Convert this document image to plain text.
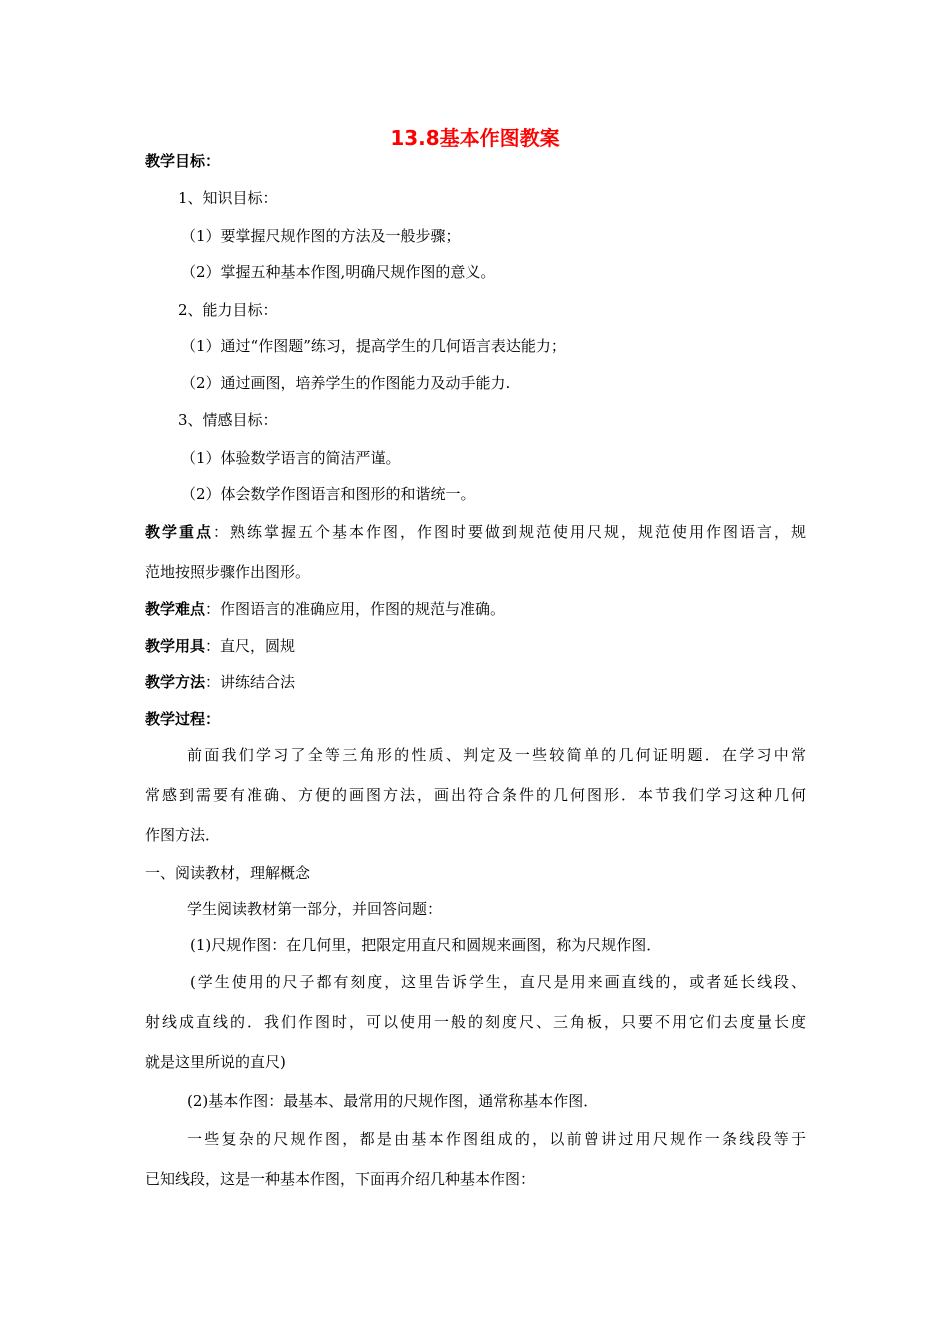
13.8基本作图教案
教学目标：
1、知识目标：
（1）要掌握尺规作图的方法及一般步骤；
（2）掌握五种基本作图,明确尺规作图的意义。
2、能力目标：
（1）通过“作图题”练习，提高学生的几何语言表达能力；
（2）通过画图，培养学生的作图能力及动手能力.
3、情感目标：
（1）体验数学语言的简洁严谨。
（2）体会数学作图语言和图形的和谐统一。
教学重点：熟练掌握五个基本作图，作图时要做到规范使用尺规，规范使用作图语言，规
范地按照步骤作出图形。
教学难点：作图语言的准确应用，作图的规范与准确。
教学用具：直尺，圆规
教学方法：讲练结合法
教学过程：
前面我们学习了全等三角形的性质、判定及一些较简单的几何证明题．在学习中常
常感到需要有准确、方便的画图方法，画出符合条件的几何图形．本节我们学习这种几何
作图方法．
一、阅读教材，理解概念
学生阅读教材第一部分，并回答问题：
(1)尺规作图：在几何里，把限定用直尺和圆规来画图，称为尺规作图．
(学生使用的尺子都有刻度，这里告诉学生，直尺是用来画直线的，或者延长线段、
射线成直线的．我们作图时，可以使用一般的刻度尺、三角板，只要不用它们去度量长度
就是这里所说的直尺)
(2)基本作图：最基本、最常用的尺规作图，通常称基本作图．
一些复杂的尺规作图，都是由基本作图组成的，以前曾讲过用尺规作一条线段等于
已知线段，这是一种基本作图，下面再介绍几种基本作图：
